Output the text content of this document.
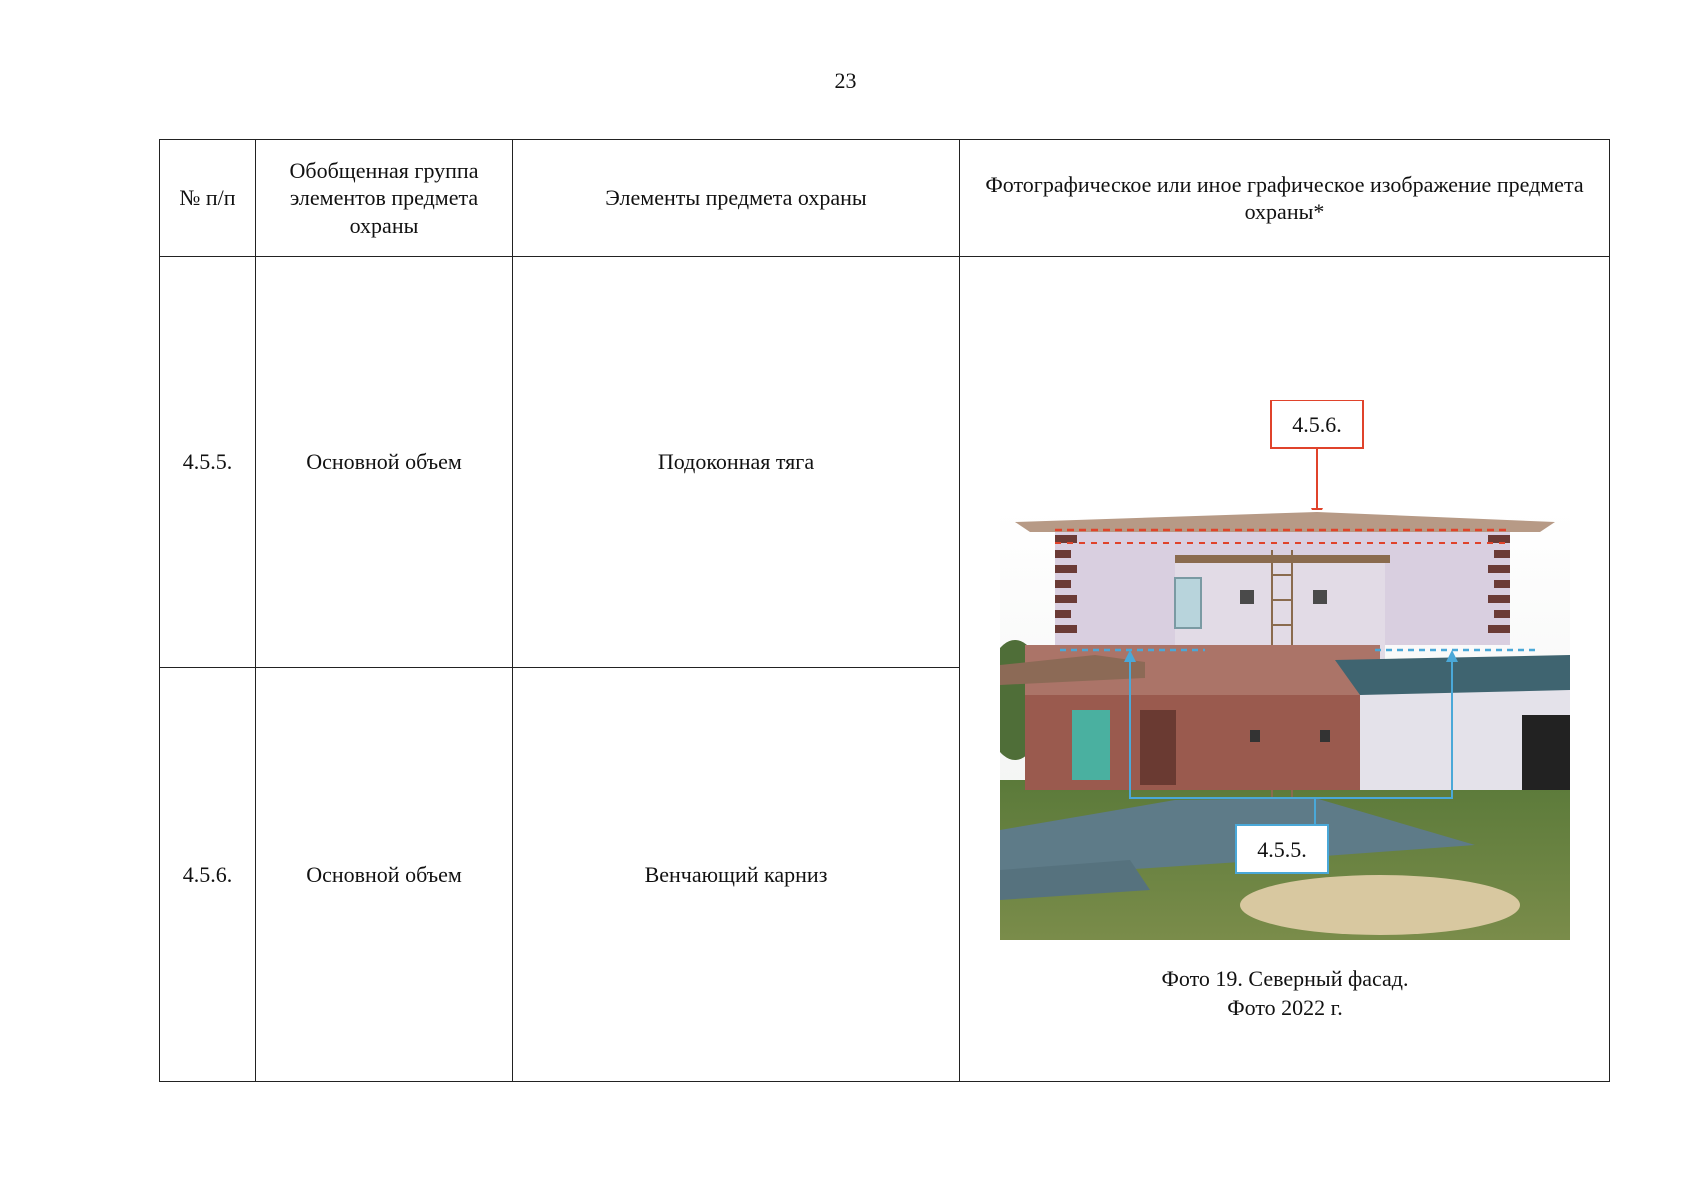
23
№ п/п	Обобщенная группа элементов предмета охраны	Элементы предмета охраны	Фотографическое или иное графическое изображение предмета охраны*
4.5.5.	Основной объем	Подоконная тяга	4.5.6.
4.5.5.
Фото 19. Северный фасад.
Фото 2022 г.

4.5.6.	Основной объем	Венчающий карниз	
